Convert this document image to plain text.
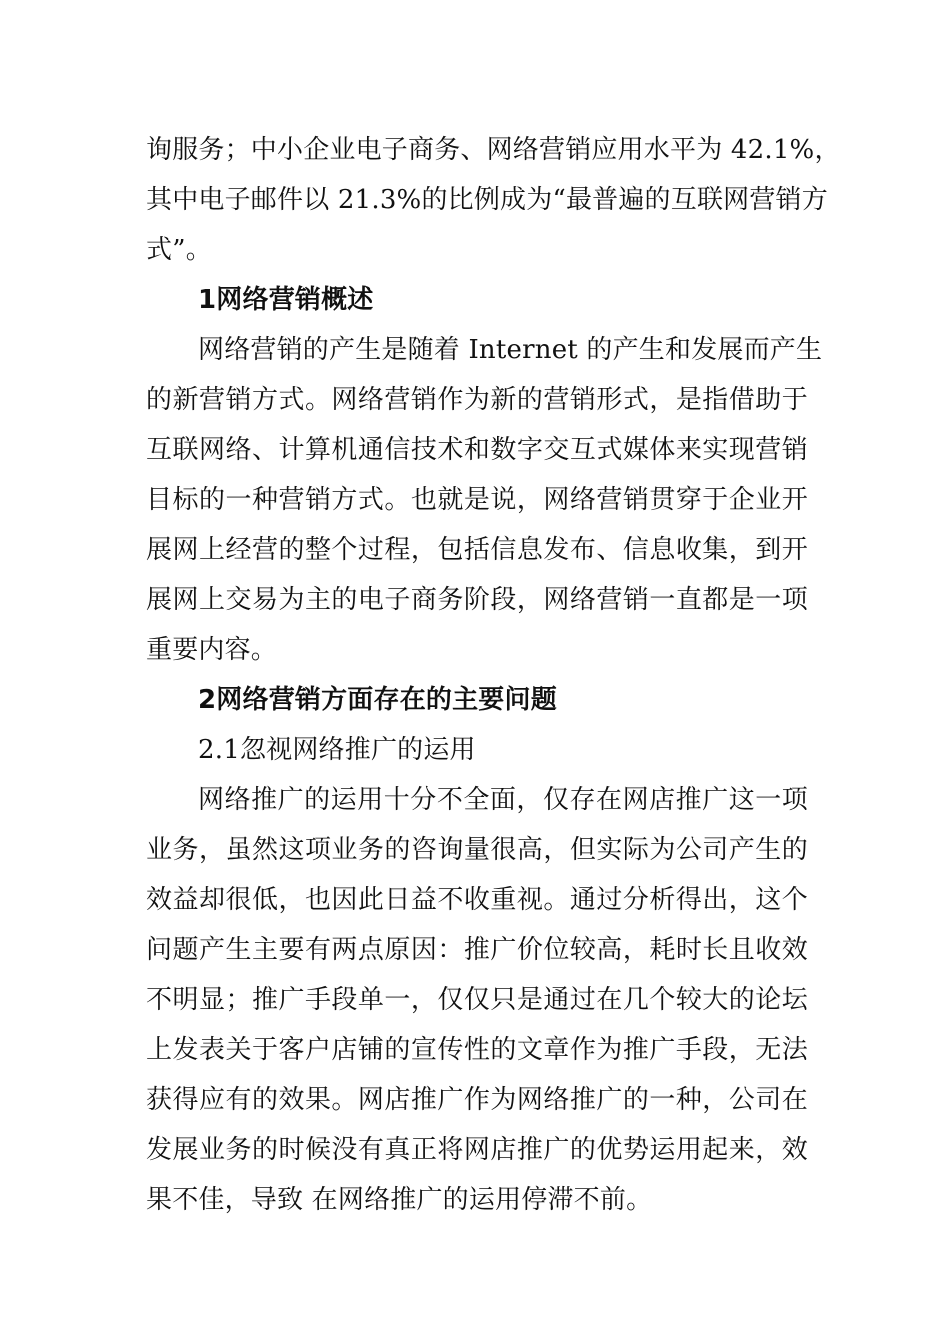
询服务；中小企业电子商务、网络营销应用水平为 42.1%，
其中电子邮件以 21.3%的比例成为“最普遍的互联网营销方
式”。
1网络营销概述
网络营销的产生是随着 Internet 的产生和发展而产生
的新营销方式。网络营销作为新的营销形式，是指借助于
互联网络、计算机通信技术和数字交互式媒体来实现营销
目标的一种营销方式。也就是说，网络营销贯穿于企业开
展网上经营的整个过程，包括信息发布、信息收集，到开
展网上交易为主的电子商务阶段，网络营销一直都是一项
重要内容。
2网络营销方面存在的主要问题
2.1忽视网络推广的运用
网络推广的运用十分不全面，仅存在网店推广这一项
业务，虽然这项业务的咨询量很高，但实际为公司产生的
效益却很低，也因此日益不收重视。通过分析得出，这个
问题产生主要有两点原因：推广价位较高，耗时长且收效
不明显；推广手段单一，仅仅只是通过在几个较大的论坛
上发表关于客户店铺的宣传性的文章作为推广手段，无法
获得应有的效果。网店推广作为网络推广的一种，公司在
发展业务的时候没有真正将网店推广的优势运用起来，效
果不佳，导致 在网络推广的运用停滞不前。
